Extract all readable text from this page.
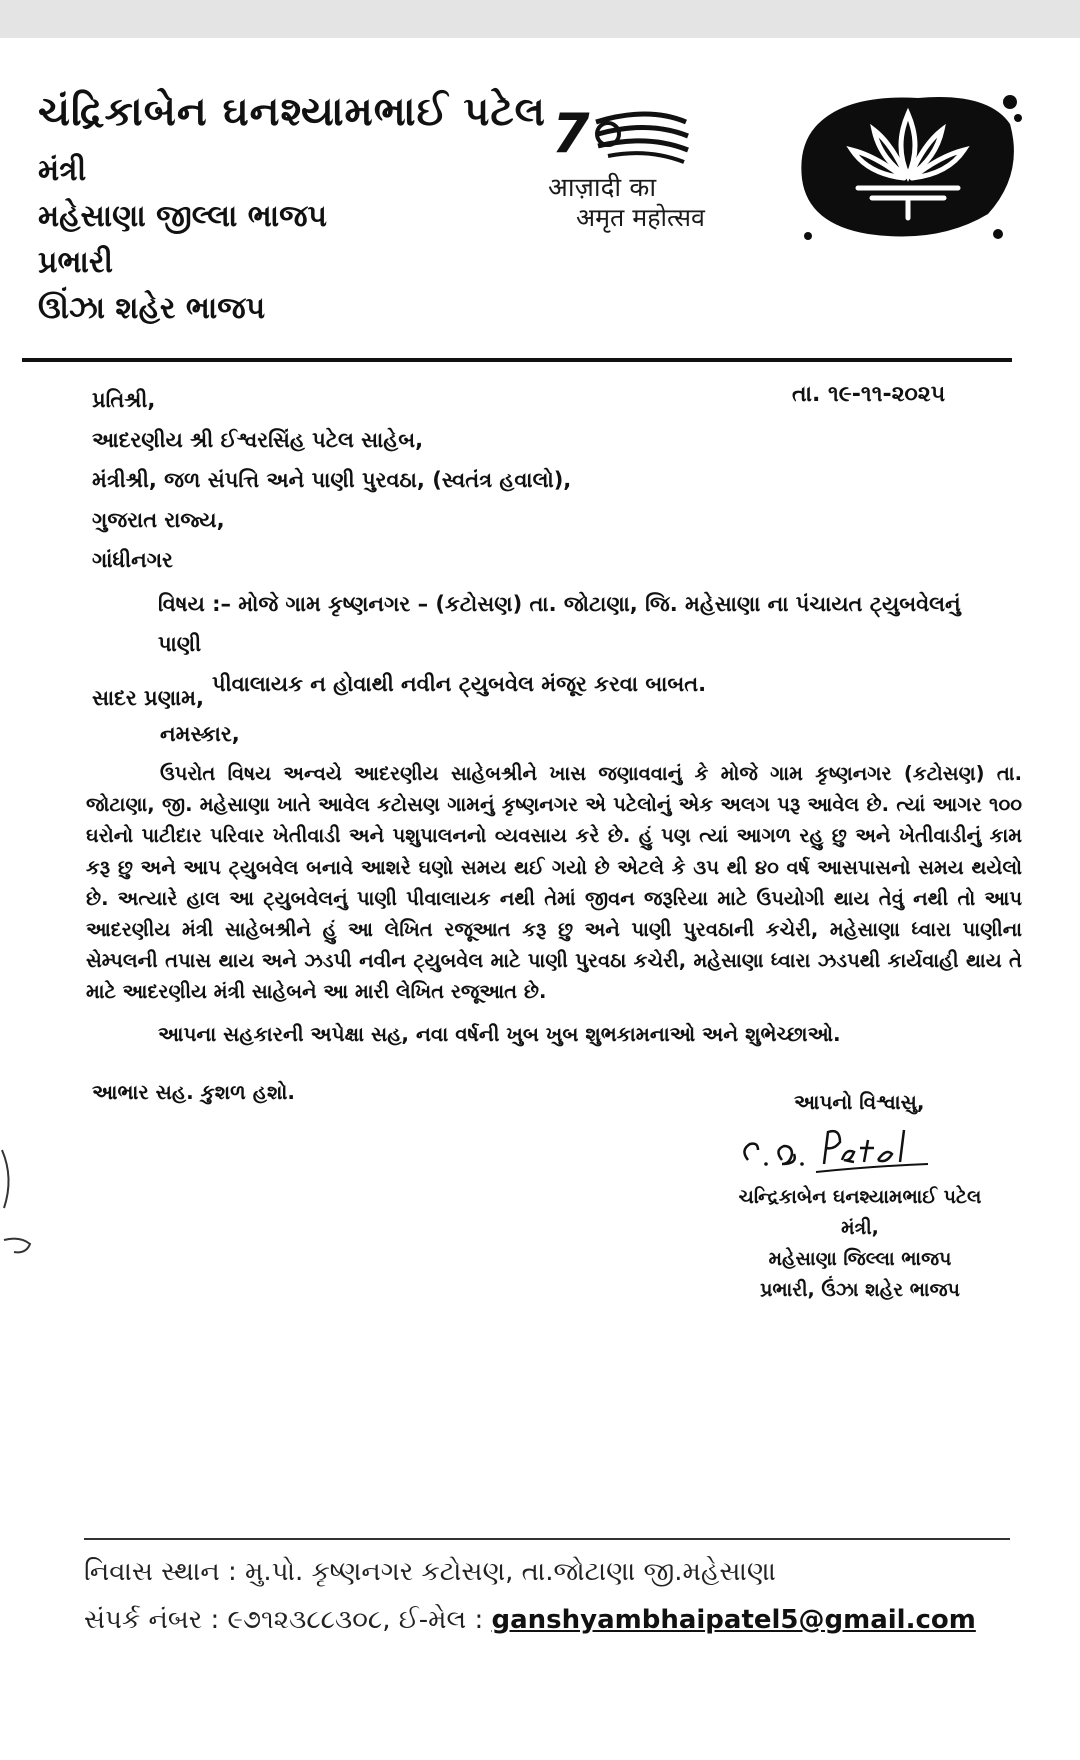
ચંદ્રિકાબેન ઘનશ્યામભાઈ પટેલ

મંત્રી

મહેસાણા જીલ્લા ભાજપ

પ્રભારી

ઊંઝા શહેર ભાજપ

7
आज़ादी का
अमृत महोत्सव

પ્રતિશ્રી,

આદરણીય શ્રી ઈશ્વરસિંહ પટેલ સાહેબ,

મંત્રીશ્રી, જળ સંપત્તિ અને પાણી પુરવઠા, (સ્વતંત્ર હવાલો),

ગુજરાત રાજ્ય,

ગાંધીનગર

તા. ૧૯-૧૧-૨૦૨૫
વિષય :– મોજે ગામ કૃષ્ણનગર – (કટોસણ) તા. જોટાણા, જિ. મહેસાણા ના પંચાયત ટ્યુબવેલનું પાણી
પીવાલાયક ન હોવાથી નવીન ટ્યુબવેલ મંજૂર કરવા બાબત.
સાદર પ્રણામ,
નમસ્કાર,
ઉપરોત વિષય અન્વયે આદરણીય સાહેબશ્રીને ખાસ જણાવવાનું કે મોજે ગામ કૃષ્ણનગર (કટોસણ) તા. જોટાણા, જી. મહેસાણા ખાતે આવેલ કટોસણ ગામનું કૃષ્ણનગર એ પટેલોનું એક અલગ પરૂ આવેલ છે. ત્યાં આગર ૧૦૦ ઘરોનો પાટીદાર પરિવાર ખેતીવાડી અને પશુપાલનનો વ્યવસાય કરે છે. હું પણ ત્યાં આગળ રહુ છુ અને ખેતીવાડીનું કામ કરૂ છુ અને આપ ટ્યુબવેલ બનાવે આશરે ઘણો સમય થઈ ગયો છે એટલે કે ૩૫ થી ૪૦ વર્ષ આસપાસનો સમય થયેલો છે. અત્યારે હાલ આ ટ્યુબવેલનું પાણી પીવાલાયક નથી તેમાં જીવન જરૂરિયા માટે ઉપયોગી થાય તેવું નથી તો આપ આદરણીય મંત્રી સાહેબશ્રીને હું આ લેખિત રજૂઆત કરૂ છુ અને પાણી પુરવઠાની કચેરી, મહેસાણા ધ્વારા પાણીના સેમ્પલની તપાસ થાય અને ઝડપી નવીન ટ્યુબવેલ માટે પાણી પુરવઠા કચેરી, મહેસાણા ધ્વારા ઝડપથી કાર્યવાહી થાય તે માટે આદરણીય મંત્રી સાહેબને આ મારી લેખિત રજૂઆત છે.
આપના સહકારની અપેક્ષા સહ, નવા વર્ષની ખુબ ખુબ શુભકામનાઓ અને શુભેચ્છાઓ.
આભાર સહ. કુશળ હશો.	આપનો વિશ્વાસુ,

ચન્દ્રિકાબેન ઘનશ્યામભાઈ પટેલ

મંત્રી,

મહેસાણા જિલ્લા ભાજપ

પ્રભારી, ઉંઝા શહેર ભાજપ

નિવાસ સ્થાન : મુ.પો. કૃષ્ણનગર કટોસણ, તા.જોટાણા જી.મહેસાણા

સંપર્ક નંબર : ૯૭૧૨૩૮૮૩૦૮, ઈ-મેલ : ganshyambhaipatel5@gmail.com
